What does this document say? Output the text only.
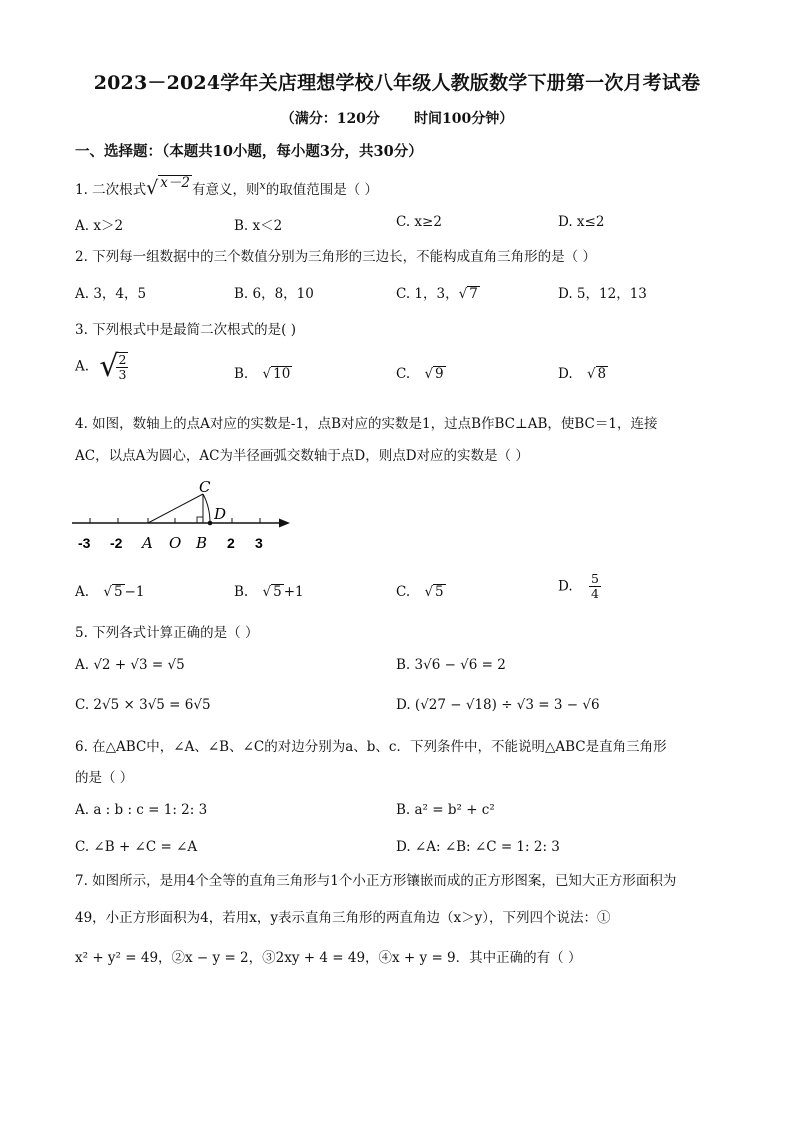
2023－2024学年关店理想学校八年级人教版数学下册第一次月考试卷
（满分：120分       时间100分钟）
一、选择题：（本题共10小题，每小题3分，共30分）
1. 二次根式√ x－2 有意义，则$^x$的取值范围是（ ）
A. x＞2	B. x＜2	C. x≥2	D. x≤2
2. 下列每一组数据中的三个数值分别为三角形的三边长，不能构成直角三角形的是（ ）
A. 3，4，5	B. 6，8，10	C. 1，3，√ 7	D. 5，12，13
3. 下列根式中是最简二次根式的是( )
A. √
$\frac{2}{3}$	B. √ 10	C. √ 9	D. √ 8
4. 如图，数轴上的点A对应的实数是-1，点B对应的实数是1，过点B作BC⊥AB，使BC＝1，连接
AC，以点A为圆心，AC为半径画弧交数轴于点D，则点D对应的实数是（ ）
C
D
-3 -2 A O B 2 3
A. √ 5 −1	B. √ 5 +1	C. √ 5	D. $\frac{5}{4}$
5. 下列各式计算正确的是（ ）
A. √2 + √3 = √5	B. 3√6 − √6 = 2
C. 2√5 × 3√5 = 6√5	D. (√27 − √18) ÷ √3 = 3 − √6
6. 在△ABC中，∠A、∠B、∠C的对边分别为a、b、c．下列条件中，不能说明△ABC是直角三角形
的是（ ）
A. a : b : c = 1: 2: 3	B. a² = b² + c²
C. ∠B + ∠C = ∠A	D. ∠A: ∠B: ∠C = 1: 2: 3
7. 如图所示，是用4个全等的直角三角形与1个小正方形镶嵌而成的正方形图案，已知大正方形面积为
49，小正方形面积为4，若用x，y表示直角三角形的两直角边（x＞y），下列四个说法：①
x² + y² = 49，②x − y = 2，③2xy + 4 = 49，④x + y = 9．其中正确的有（ ）
